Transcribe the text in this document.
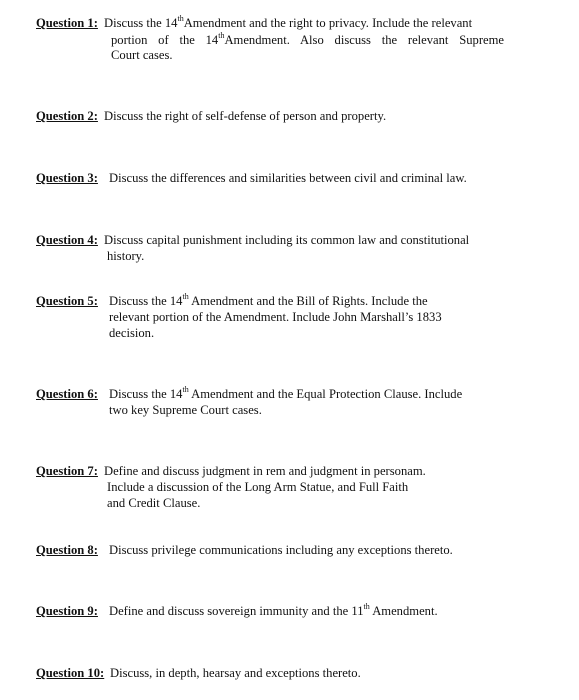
Question 1: Discuss the 14thAmendment and the right to privacy. Include the relevant
portion of the 14thAmendment. Also discuss the relevant Supreme
Court cases.
Question 2: Discuss the right of self-defense of person and property.
Question 3: Discuss the differences and similarities between civil and criminal law.
Question 4: Discuss capital punishment including its common law and constitutional
history.
Question 5: Discuss the 14th Amendment and the Bill of Rights. Include the
relevant portion of the Amendment. Include John Marshall’s 1833
decision.
Question 6: Discuss the 14th Amendment and the Equal Protection Clause. Include
two key Supreme Court cases.
Question 7: Define and discuss judgment in rem and judgment in personam.
Include a discussion of the Long Arm Statue, and Full Faith
and Credit Clause.
Question 8: Discuss privilege communications including any exceptions thereto.
Question 9: Define and discuss sovereign immunity and the 11th Amendment.
Question 10: Discuss, in depth, hearsay and exceptions thereto.
